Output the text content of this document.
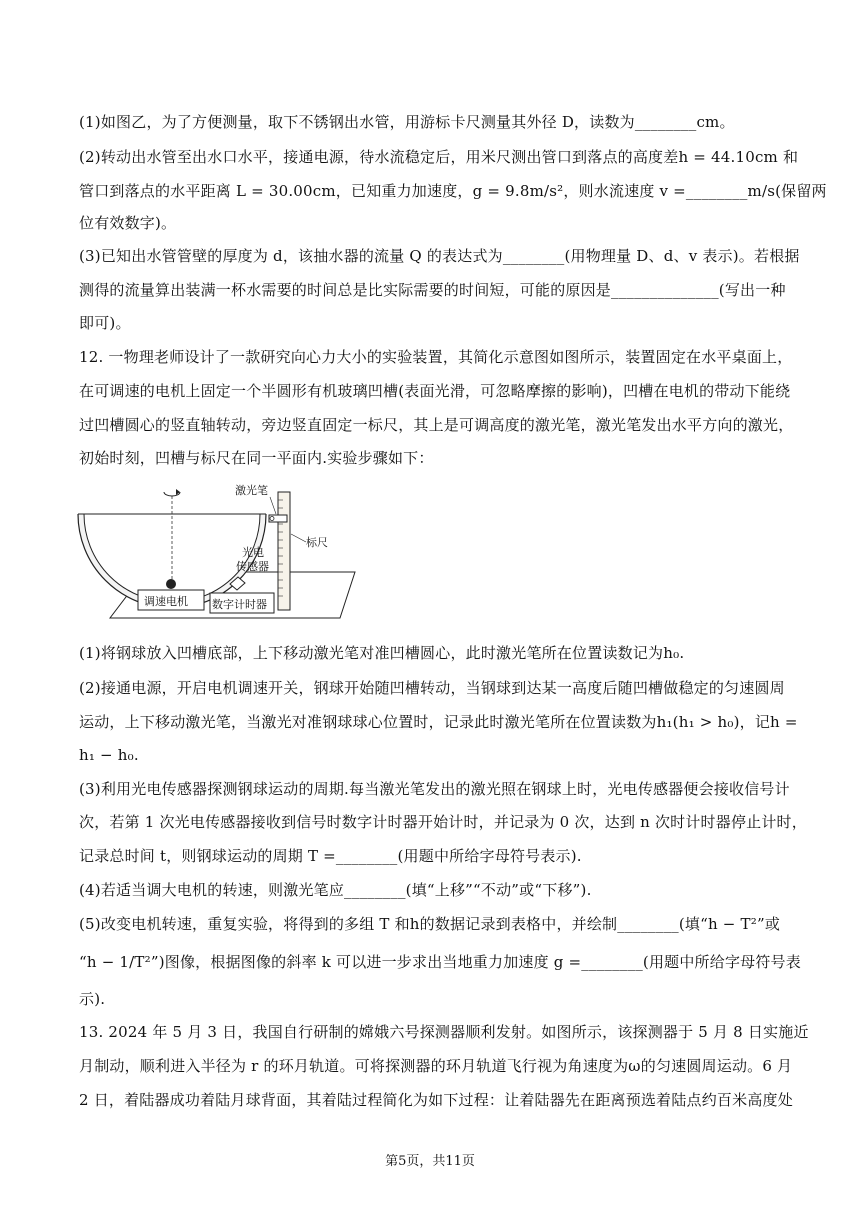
(1)如图乙，为了方便测量，取下不锈钢出水管，用游标卡尺测量其外径 D，读数为________cm。
(2)转动出水管至出水口水平，接通电源，待水流稳定后，用米尺测出管口到落点的高度差h = 44.10cm 和
管口到落点的水平距离 L = 30.00cm，已知重力加速度，g = 9.8m/s²，则水流速度 v =________m/s(保留两
位有效数字)。
(3)已知出水管管壁的厚度为 d，该抽水器的流量 Q 的表达式为________(用物理量 D、d、v 表示)。若根据
测得的流量算出装满一杯水需要的时间总是比实际需要的时间短，可能的原因是______________(写出一种
即可)。
12. 一物理老师设计了一款研究向心力大小的实验装置，其简化示意图如图所示，装置固定在水平桌面上，
在可调速的电机上固定一个半圆形有机玻璃凹槽(表面光滑，可忽略摩擦的影响)，凹槽在电机的带动下能绕
过凹槽圆心的竖直轴转动，旁边竖直固定一标尺，其上是可调高度的激光笔，激光笔发出水平方向的激光，
初始时刻，凹槽与标尺在同一平面内.实验步骤如下：
调速电机 数字计时器
光电
传感器
激光笔
标尺
(1)将钢球放入凹槽底部，上下移动激光笔对准凹槽圆心，此时激光笔所在位置读数记为h₀.
(2)接通电源，开启电机调速开关，钢球开始随凹槽转动，当钢球到达某一高度后随凹槽做稳定的匀速圆周
运动，上下移动激光笔，当激光对准钢球球心位置时，记录此时激光笔所在位置读数为h₁(h₁ > h₀)，记h =
h₁ − h₀.
(3)利用光电传感器探测钢球运动的周期.每当激光笔发出的激光照在钢球上时，光电传感器便会接收信号计
次，若第 1 次光电传感器接收到信号时数字计时器开始计时，并记录为 0 次，达到 n 次时计时器停止计时，
记录总时间 t，则钢球运动的周期 T =________(用题中所给字母符号表示).
(4)若适当调大电机的转速，则激光笔应________(填“上移”“不动”或“下移”).
(5)改变电机转速，重复实验，将得到的多组 T 和h的数据记录到表格中，并绘制________(填“h − T²”或
“h − 1/T²”)图像，根据图像的斜率 k 可以进一步求出当地重力加速度 g =________(用题中所给字母符号表
示).
13. 2024 年 5 月 3 日，我国自行研制的嫦娥六号探测器顺利发射。如图所示，该探测器于 5 月 8 日实施近
月制动，顺利进入半径为 r 的环月轨道。可将探测器的环月轨道飞行视为角速度为ω的匀速圆周运动。6 月
2 日，着陆器成功着陆月球背面，其着陆过程简化为如下过程：让着陆器先在距离预选着陆点约百米高度处
第5页，共11页
